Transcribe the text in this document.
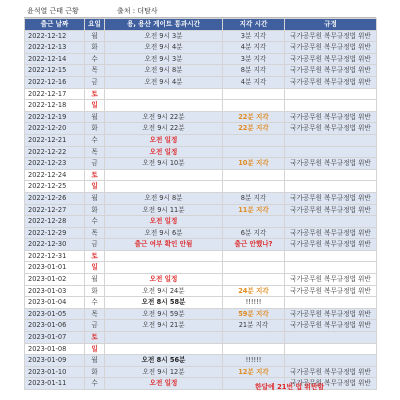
윤석열 근태 근황	출처 : 더탐사
출근 날짜	요일	용, 용산 게이트 통과시간	지각 시간	규정
2022-12-12	월	오전 9시 3분	3분 지각	국가공무원 복무규정법 위반
2022-12-13	화	오전 9시 4분	4분 지각	국가공무원 복무규정법 위반
2022-12-14	수	오전 9시 3분	3분 지각	국가공무원 복무규정법 위반
2022-12-15	목	오전 9시 8분	8분 지각	국가공무원 복무규정법 위반
2022-12-16	금	오전 9시 4분	4분 지각	국가공무원 복무규정법 위반
2022-12-17	토			
2022-12-18	일			
2022-12-19	월	오전 9시 22분	22분 지각	국가공무원 복무규정법 위반
2022-12-20	화	오전 9시 22분	22분 지각	국가공무원 복무규정법 위반
2022-12-21	수	오전 일정		
2022-12-22	목	오전 일정		
2022-12-23	금	오전 9시 10분	10분 지각	국가공무원 복무규정법 위반
2022-12-24	토			
2022-12-25	일			
2022-12-26	월	오전 9시 8분	8분 지각	국가공무원 복무규정법 위반
2022-12-27	화	오전 9시 11분	11분 지각	국가공무원 복무규정법 위반
2022-12-28	수	오전 일정		
2022-12-29	목	오전 9시 6분	6분 지각	국가공무원 복무규정법 위반
2022-12-30	금	출근 여부 확인 안됨	출근 안했나?	국가공무원 복무규정법 위반
2022-12-31	토			
2023-01-01	일			
2023-01-02	월	오전 일정		국가공무원 복무규정법 위반
2023-01-03	화	오전 9시 24분	24분 지각	국가공무원 복무규정법 위반
2023-01-04	수	오전 8시 58분	!!!!!!	
2023-01-05	목	오전 9시 59분	59분 지각	국가공무원 복무규정법 위반
2023-01-06	금	오전 9시 21분	21분 지각	국가공무원 복무규정법 위반
2023-01-07	토			
2023-01-08	일			
2023-01-09	월	오전 8시 56분	!!!!!!	
2023-01-10	화	오전 9시 12분	12분 지각	국가공무원 복무규정법 위반
2023-01-11	수	오전 일정		국가공무원 복무규정법 위반
한달에 21번 법 위반함
